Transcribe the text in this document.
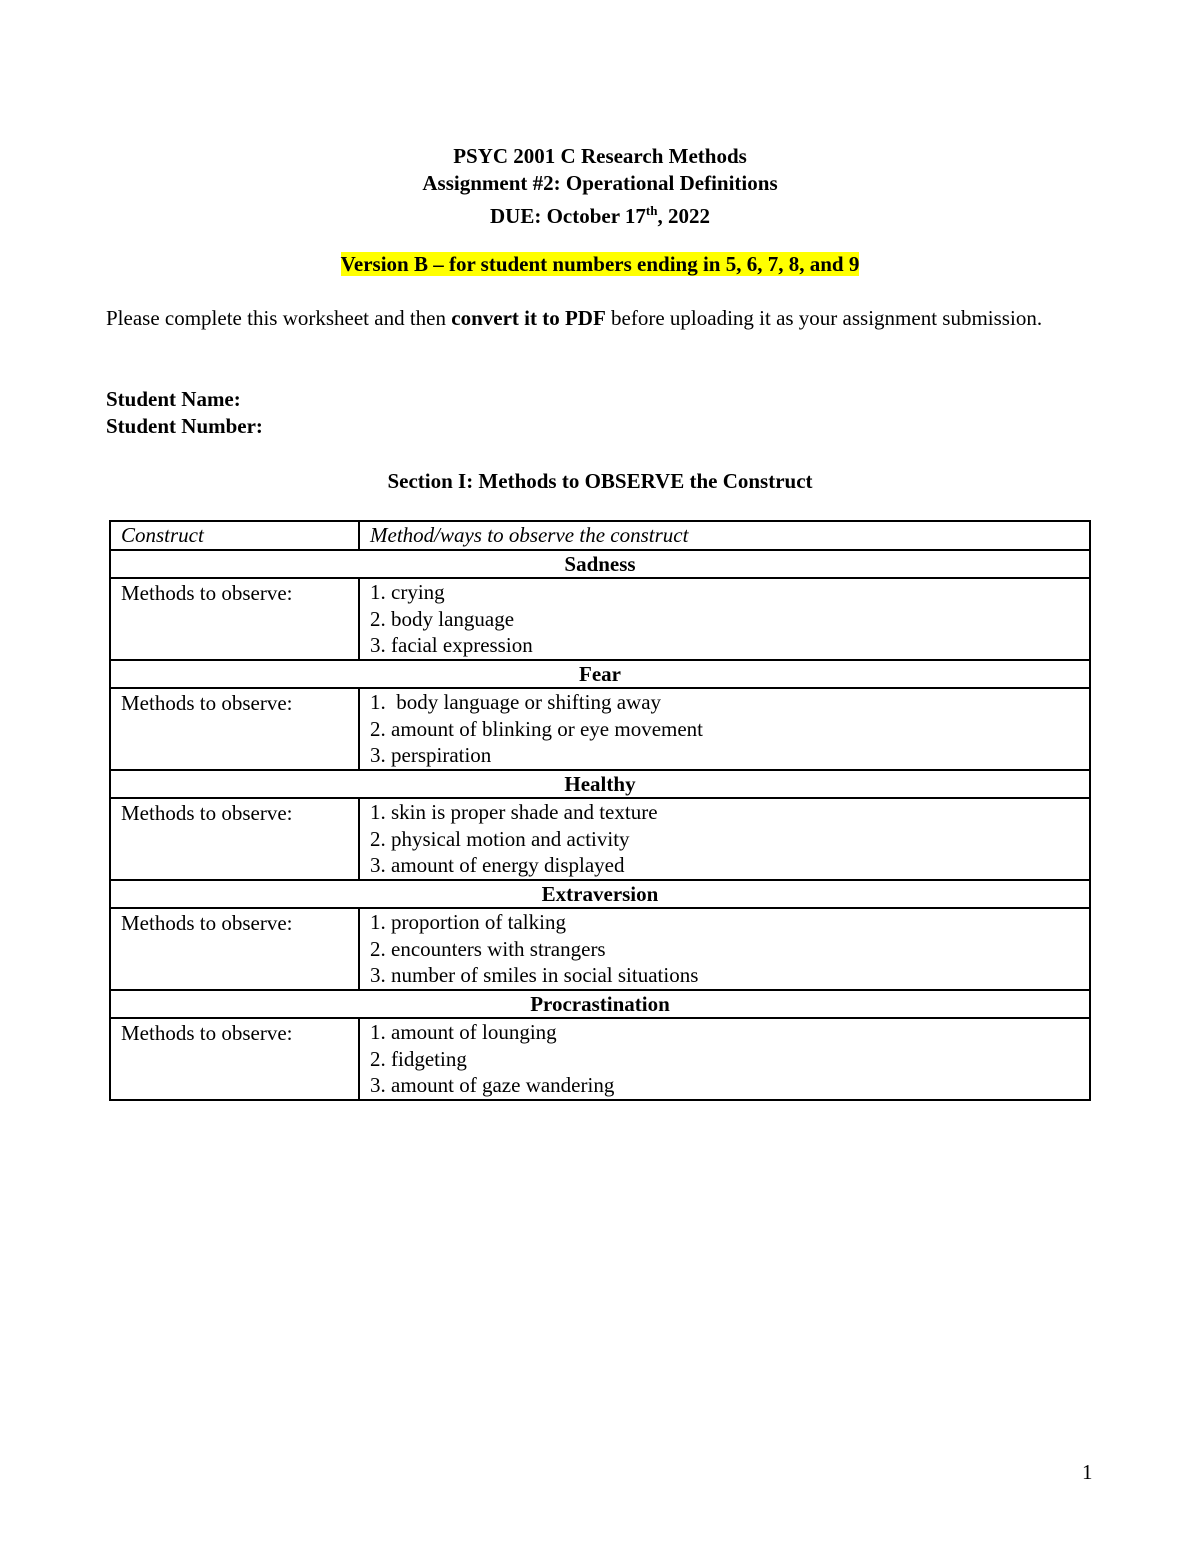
PSYC 2001 C Research Methods
Assignment #2: Operational Definitions
DUE: October 17th, 2022
Version B – for student numbers ending in 5, 6, 7, 8, and 9
Please complete this worksheet and then convert it to PDF before uploading it as your assignment submission.
Student Name:
Student Number:
Section I: Methods to OBSERVE the Construct
Construct	Method/ways to observe the construct
Sadness	
Methods to observe:	1. crying
2. body language
3. facial expression

Fear	
Methods to observe:	1.  body language or shifting away
2. amount of blinking or eye movement
3. perspiration

Healthy	
Methods to observe:	1. skin is proper shade and texture
2. physical motion and activity
3. amount of energy displayed

Extraversion	
Methods to observe:	1. proportion of talking
2. encounters with strangers
3. number of smiles in social situations

Procrastination	
Methods to observe:	1. amount of lounging
2. fidgeting
3. amount of gaze wandering
1
